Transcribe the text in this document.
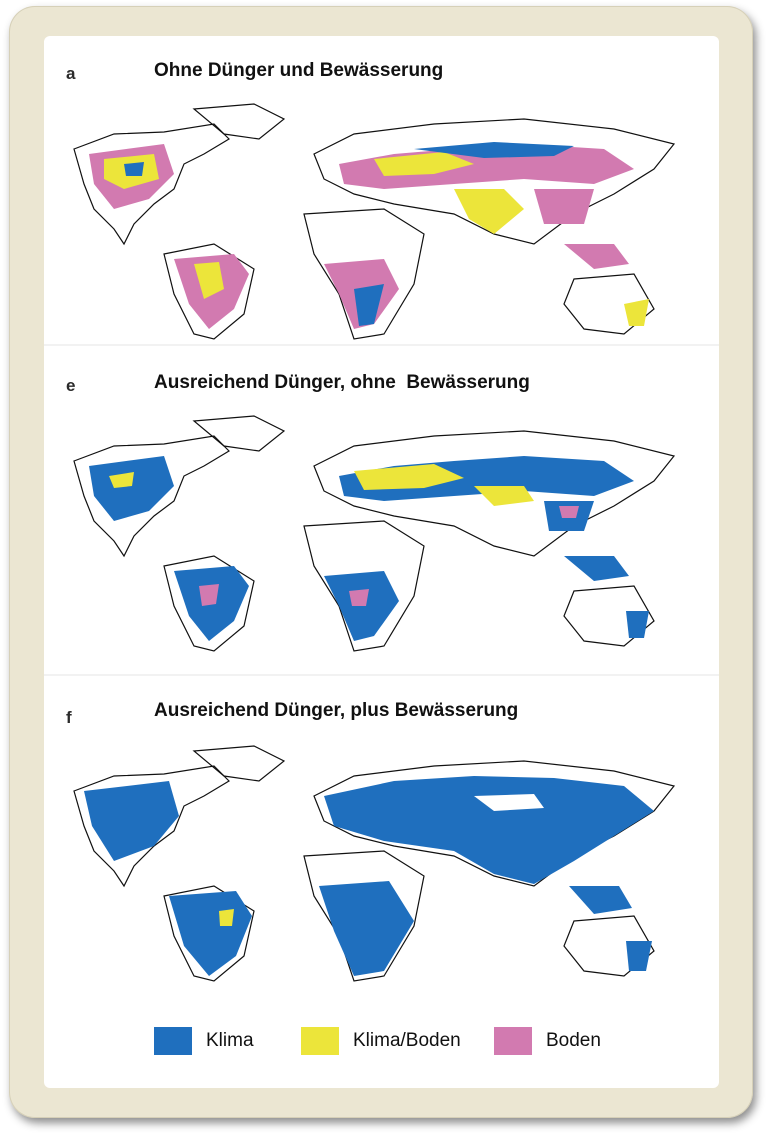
a	Ohne Dünger und Bewässerung
e	Ausreichend Dünger, ohne  Bewässerung
f	Ausreichend Dünger, plus Bewässerung
Klima	Klima/Boden	Boden
